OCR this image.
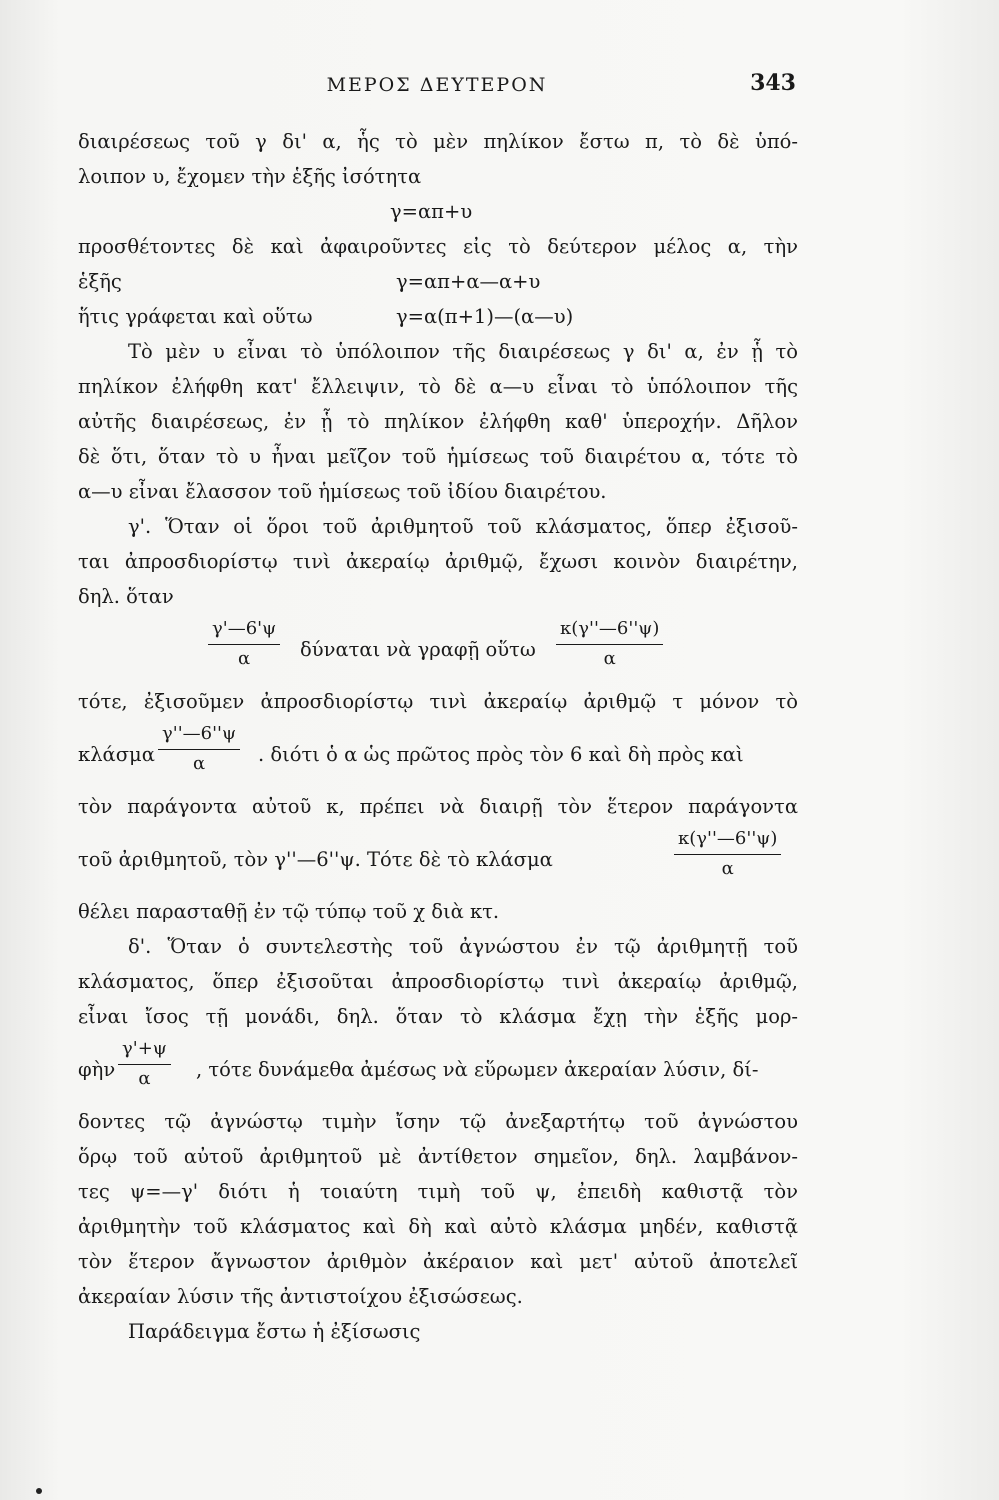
ΜΕΡΟΣ ΔΕΥΤΕΡΟΝ	343
διαιρέσεως τοῦ γ δι' α, ἧς τὸ μὲν πηλίκον ἔστω π, τὸ δὲ ὑπό-
λοιπον υ, ἔχομεν τὴν ἑξῆς ἰσότητα
γ=απ+υ
προσθέτοντες δὲ καὶ ἀφαιροῦντες εἰς τὸ δεύτερον μέλος α, τὴν
ἑξῆς	γ=απ+α—α+υ
ἥτις γράφεται καὶ οὕτω	γ=α(π+1)—(α—υ)
Τὸ μὲν υ εἶναι τὸ ὑπόλοιπον τῆς διαιρέσεως γ δι' α, ἐν ᾗ τὸ
πηλίκον ἐλήφθη κατ' ἔλλειψιν, τὸ δὲ α—υ εἶναι τὸ ὑπόλοιπον τῆς
αὐτῆς διαιρέσεως, ἐν ᾗ τὸ πηλίκον ἐλήφθη καθ' ὑπεροχήν. Δῆλον
δὲ ὅτι, ὅταν τὸ υ ἦναι μεῖζον τοῦ ἡμίσεως τοῦ διαιρέτου α, τότε τὸ
α—υ εἶναι ἔλασσον τοῦ ἡμίσεως τοῦ ἰδίου διαιρέτου.
γ'. Ὅταν οἱ ὅροι τοῦ ἀριθμητοῦ τοῦ κλάσματος, ὅπερ ἐξισοῦ-
ται ἀπροσδιορίστῳ τινὶ ἀκεραίῳ ἀριθμῷ, ἔχωσι κοινὸν διαιρέτην,
δηλ. ὅταν
$\frac{\gamma'—6'\psi}{\alpha}$ δύναται νὰ γραφῇ οὕτω $\frac{\kappa(\gamma''—6''\psi)}{\alpha}$
τότε, ἐξισοῦμεν ἀπροσδιορίστῳ τινὶ ἀκεραίῳ ἀριθμῷ τ μόνον τὸ
κλάσμα $\frac{\gamma''—6''\psi}{\alpha}$ . διότι ὁ α ὡς πρῶτος πρὸς τὸν 6 καὶ δὴ πρὸς καὶ
τὸν παράγοντα αὐτοῦ κ, πρέπει νὰ διαιρῇ τὸν ἕτερον παράγοντα
τοῦ ἀριθμητοῦ, τὸν γ''—6''ψ. Τότε δὲ τὸ κλάσμα	$\frac{\kappa(\gamma''—6''\psi)}{\alpha}$
θέλει παρασταθῇ ἐν τῷ τύπῳ τοῦ χ διὰ κτ.
δ'. Ὅταν ὁ συντελεστὴς τοῦ ἀγνώστου ἐν τῷ ἀριθμητῇ τοῦ
κλάσματος, ὅπερ ἐξισοῦται ἀπροσδιορίστῳ τινὶ ἀκεραίῳ ἀριθμῷ,
εἶναι ἴσος τῇ μονάδι, δηλ. ὅταν τὸ κλάσμα ἔχῃ τὴν ἑξῆς μορ-
φὴν $\frac{\gamma'+\psi}{\alpha}$ , τότε δυνάμεθα ἀμέσως νὰ εὕρωμεν ἀκεραίαν λύσιν, δί-
δοντες τῷ ἀγνώστῳ τιμὴν ἴσην τῷ ἀνεξαρτήτῳ τοῦ ἀγνώστου
ὅρῳ τοῦ αὐτοῦ ἀριθμητοῦ μὲ ἀντίθετον σημεῖον, δηλ. λαμβάνον-
τες ψ=—γ' διότι ἡ τοιαύτη τιμὴ τοῦ ψ, ἐπειδὴ καθιστᾷ τὸν
ἀριθμητὴν τοῦ κλάσματος καὶ δὴ καὶ αὐτὸ κλάσμα μηδέν, καθιστᾷ
τὸν ἕτερον ἄγνωστον ἀριθμὸν ἀκέραιον καὶ μετ' αὐτοῦ ἀποτελεῖ
ἀκεραίαν λύσιν τῆς ἀντιστοίχου ἐξισώσεως.
Παράδειγμα ἔστω ἡ ἐξίσωσις
